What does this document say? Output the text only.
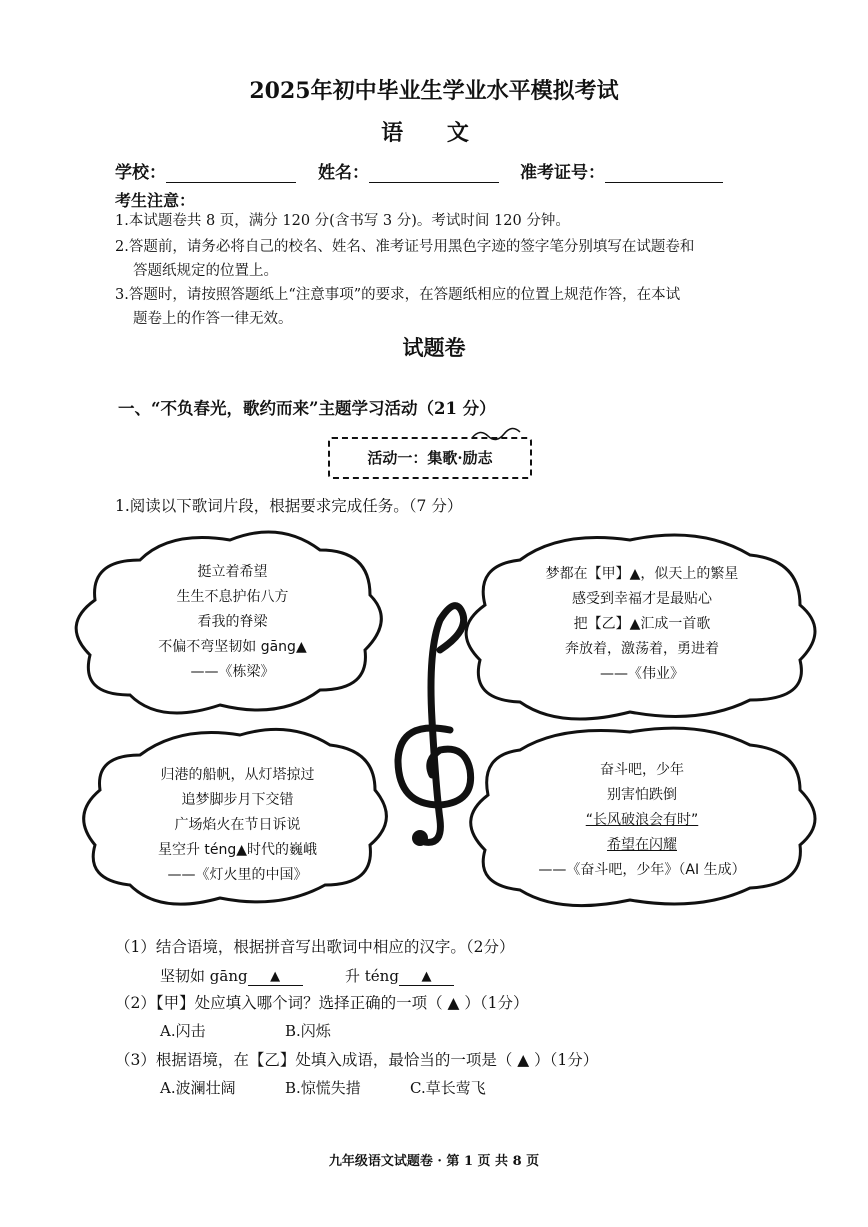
2025年初中毕业生学业水平模拟考试
语 文
学校：	姓名：	准考证号：
考生注意：
1.本试题卷共 8 页，满分 120 分(含书写 3 分)。考试时间 120 分钟。
2.答题前，请务必将自己的校名、姓名、准考证号用黑色字迹的签字笔分别填写在试题卷和
答题纸规定的位置上。
3.答题时，请按照答题纸上“注意事项”的要求，在答题纸相应的位置上规范作答，在本试
题卷上的作答一律无效。
试题卷
一、“不负春光，歌约而来”主题学习活动（21 分）
活动一：集歌·励志
1.阅读以下歌词片段，根据要求完成任务。（7 分）
挺立着希望
生生不息护佑八方
看我的脊梁
不偏不弯坚韧如 gāng▲
——《栋梁》
梦都在【甲】▲，似天上的繁星
感受到幸福才是最贴心
把【乙】▲汇成一首歌
奔放着，激荡着，勇进着
——《伟业》
归港的船帆，从灯塔掠过
追梦脚步月下交错
广场焰火在节日诉说
星空升 téng▲时代的巍峨
——《灯火里的中国》
奋斗吧，少年
别害怕跌倒
“长风破浪会有时”
希望在闪耀
——《奋斗吧，少年》（AI 生成）
（1）结合语境，根据拼音写出歌词中相应的汉字。（2分）
坚韧如 gāng ▲	升 téng ▲
（2）【甲】处应填入哪个词？选择正确的一项（ ▲ ）（1分）
A.闪击	B.闪烁
（3）根据语境，在【乙】处填入成语，最恰当的一项是（ ▲ ）（1分）
A.波澜壮阔	B.惊慌失措	C.草长莺飞
九年级语文试题卷 · 第 1 页 共 8 页
